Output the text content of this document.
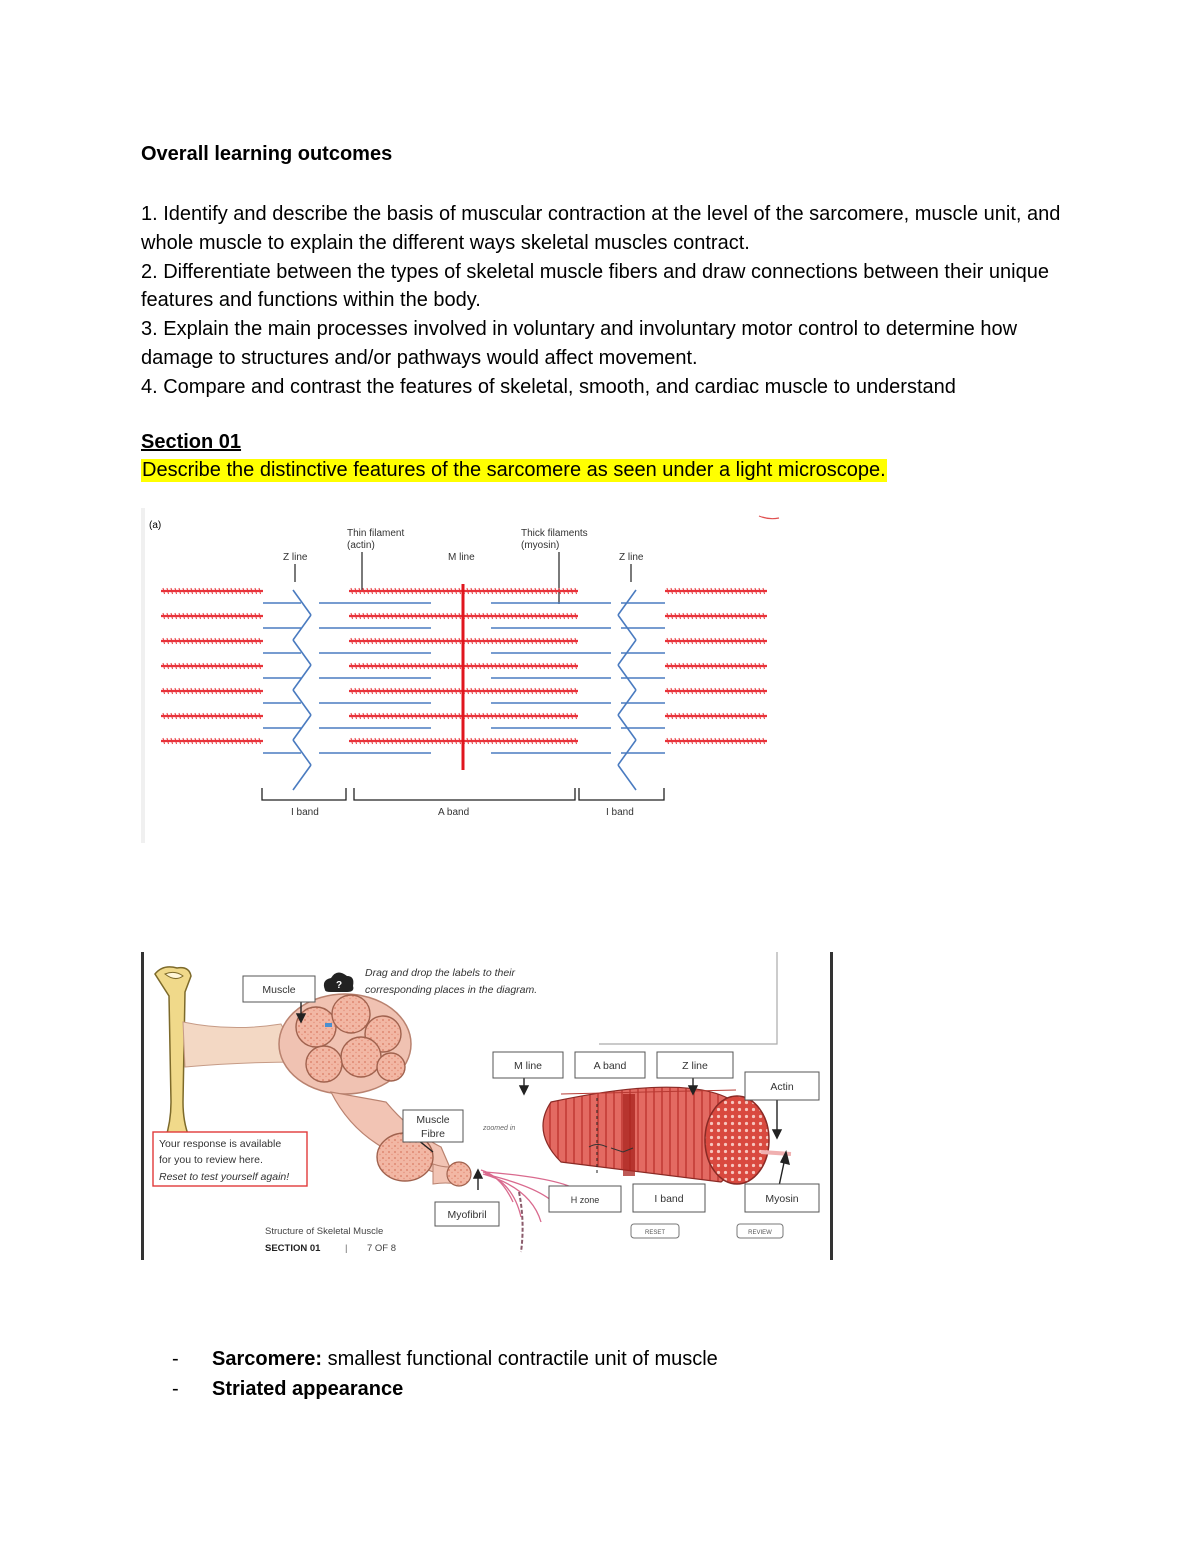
Overall learning outcomes
1. Identify and describe the basis of muscular contraction at the level of the sarcomere, muscle unit, and whole muscle to explain the different ways skeletal muscles contract.
2. Differentiate between the types of skeletal muscle fibers and draw connections between their unique features and functions within the body.
3. Explain the main processes involved in voluntary and involuntary motor control to determine how damage to structures and/or pathways would affect movement.
4. Compare and contrast the features of skeletal, smooth, and cardiac muscle to understand
Section 01
Describe the distinctive features of the sarcomere as seen under a light microscope.
(a)
Thin filament
(actin)
Thick filaments
(myosin)
Z line	M line	Z line
I band	A band	I band
?
Drag and drop the labels to their
corresponding places in the diagram.
Muscle
Muscle
Fibre	zoomed in
Myofibril
M line	A band	Z line
Actin
H zone	I band	Myosin
Your response is available
for you to review here.
Reset to test yourself again!
RESET	REVIEW
Structure of Skeletal Muscle
SECTION 01	| 7 OF 8
- Sarcomere: smallest functional contractile unit of muscle
- Striated appearance
